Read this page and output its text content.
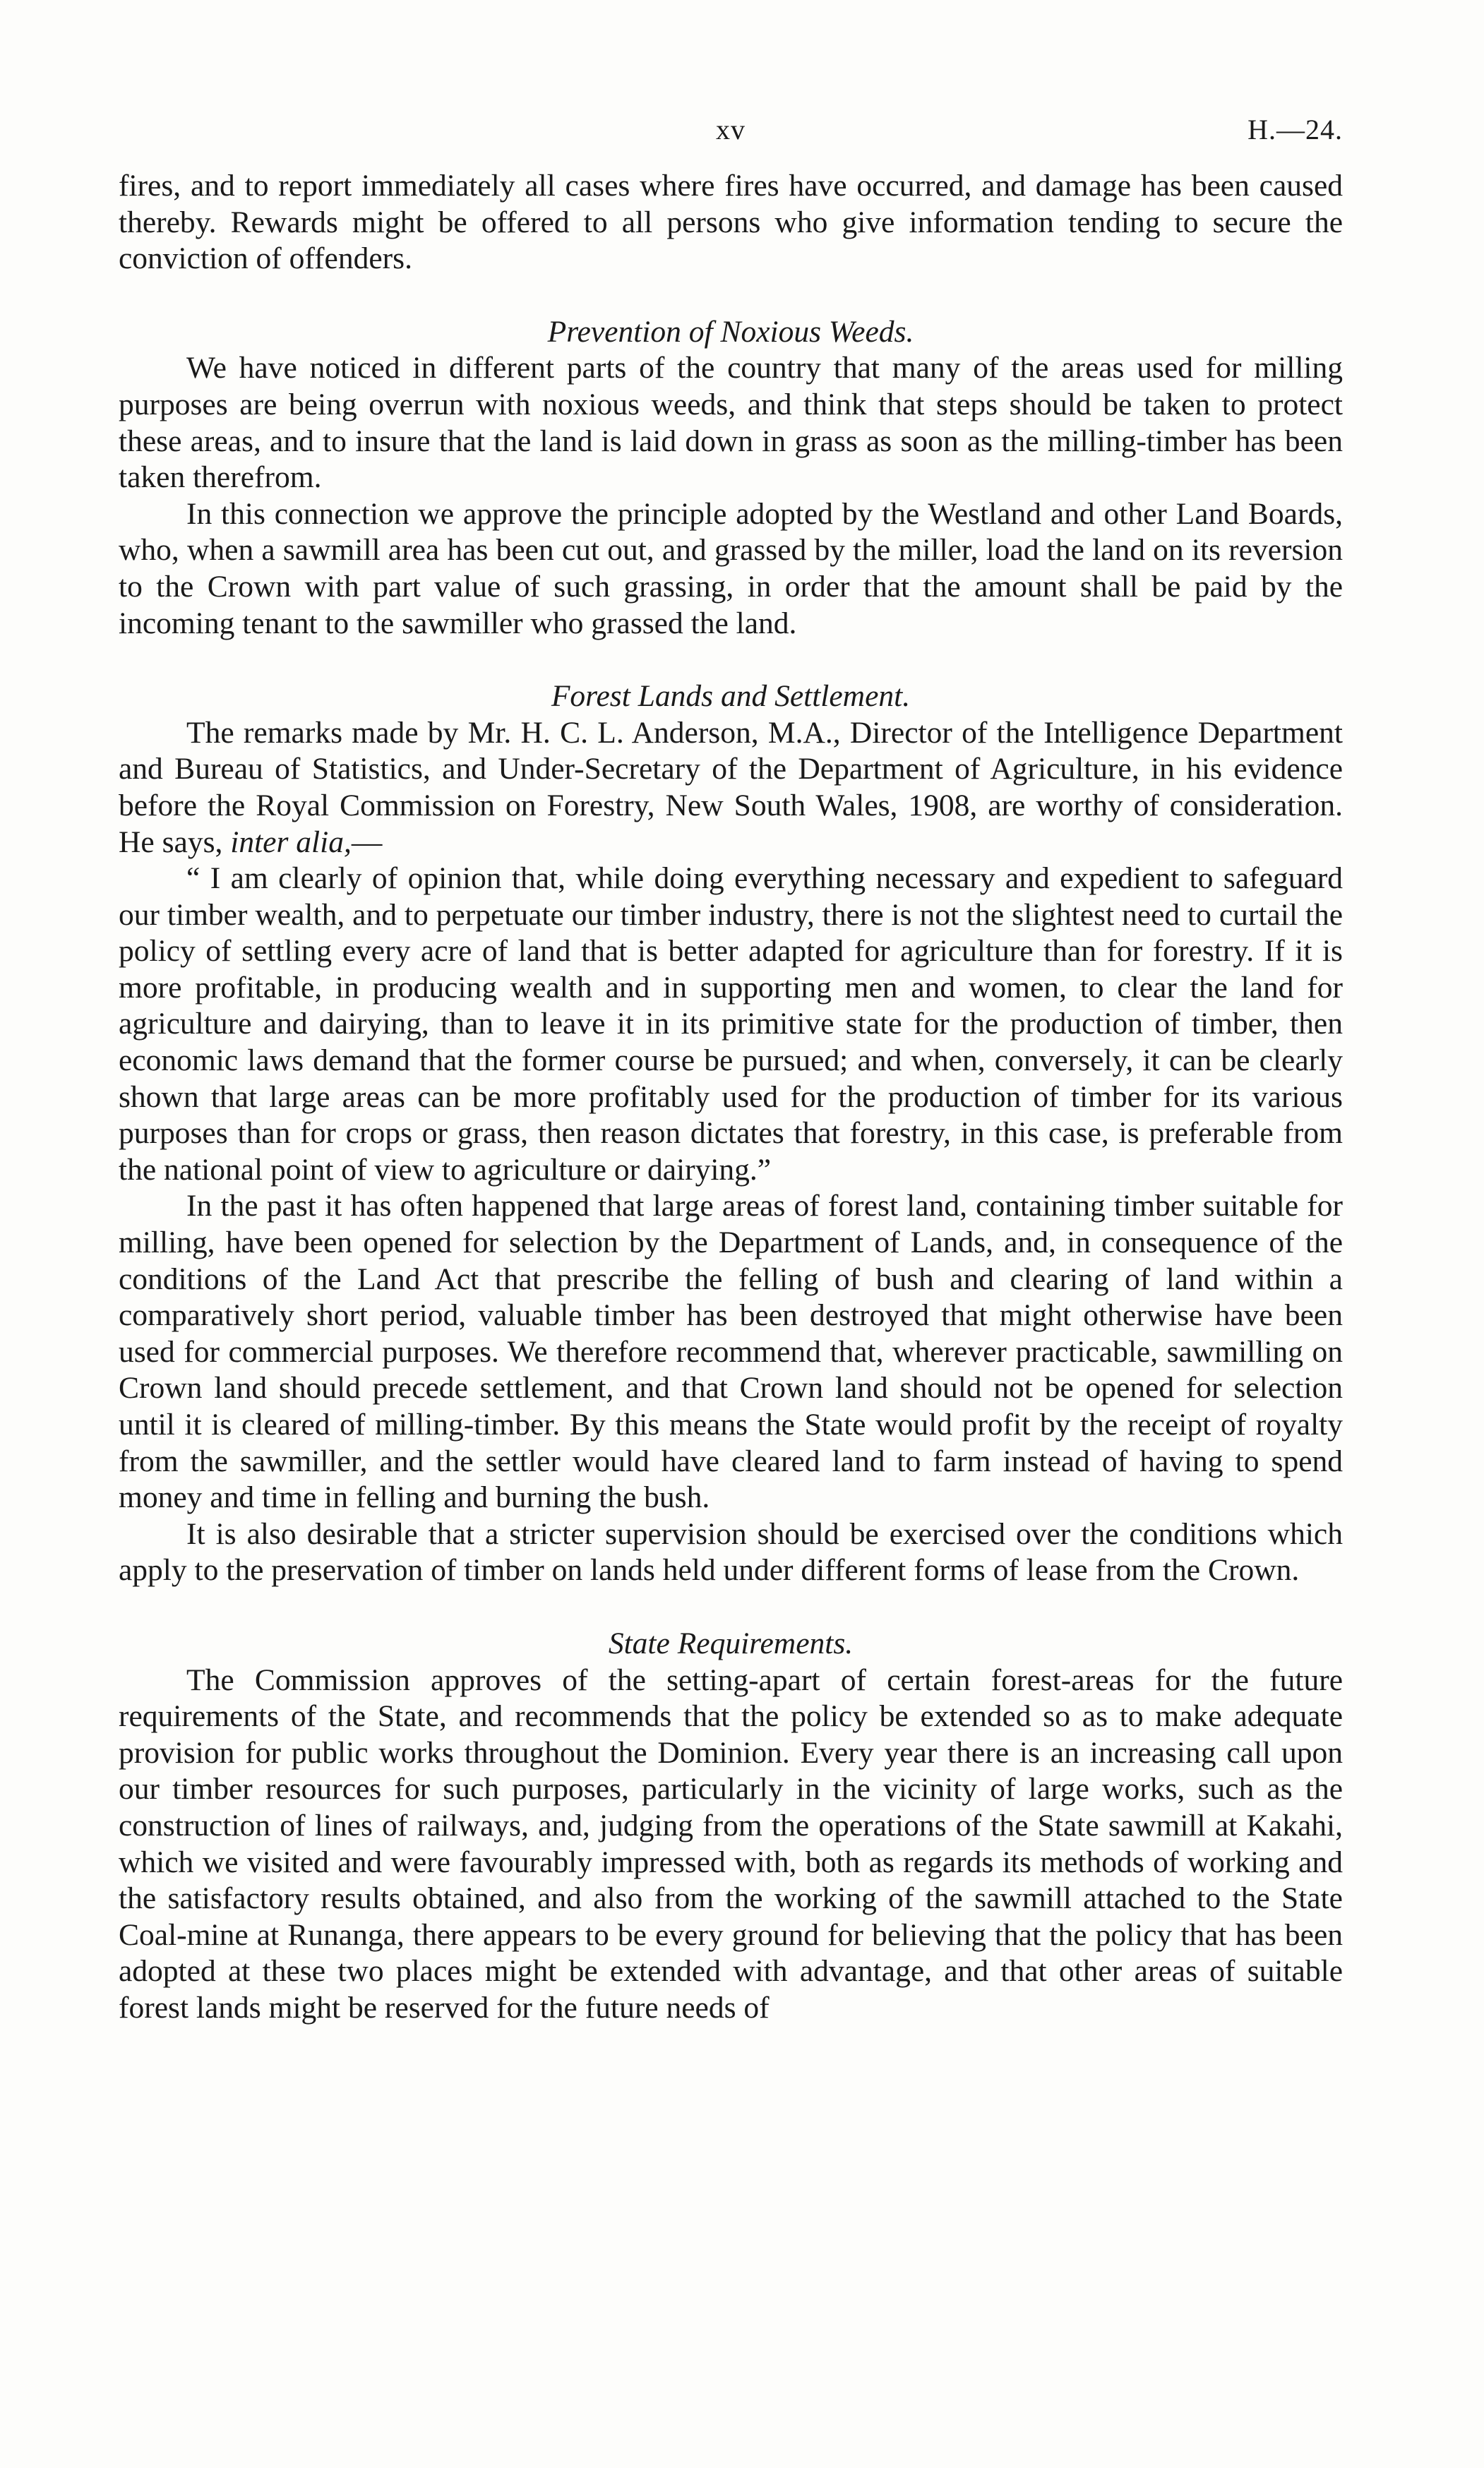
xv	H.—24.

fires, and to report immediately all cases where fires have occurred, and damage has been caused thereby. Rewards might be offered to all persons who give information tending to secure the conviction of offenders.

Prevention of Noxious Weeds.

We have noticed in different parts of the country that many of the areas used for milling purposes are being overrun with noxious weeds, and think that steps should be taken to protect these areas, and to insure that the land is laid down in grass as soon as the milling-timber has been taken therefrom.

In this connection we approve the principle adopted by the Westland and other Land Boards, who, when a sawmill area has been cut out, and grassed by the miller, load the land on its reversion to the Crown with part value of such grassing, in order that the amount shall be paid by the incoming tenant to the sawmiller who grassed the land.

Forest Lands and Settlement.

The remarks made by Mr. H. C. L. Anderson, M.A., Director of the Intelligence Department and Bureau of Statistics, and Under-Secretary of the Department of Agriculture, in his evidence before the Royal Commission on Forestry, New South Wales, 1908, are worthy of consideration. He says, inter alia,—

“ I am clearly of opinion that, while doing everything necessary and expedient to safeguard our timber wealth, and to perpetuate our timber industry, there is not the slightest need to curtail the policy of settling every acre of land that is better adapted for agriculture than for forestry. If it is more profitable, in producing wealth and in supporting men and women, to clear the land for agriculture and dairying, than to leave it in its primitive state for the production of timber, then economic laws demand that the former course be pursued; and when, conversely, it can be clearly shown that large areas can be more profitably used for the production of timber for its various purposes than for crops or grass, then reason dictates that forestry, in this case, is preferable from the national point of view to agriculture or dairying.”

In the past it has often happened that large areas of forest land, containing timber suitable for milling, have been opened for selection by the Department of Lands, and, in consequence of the conditions of the Land Act that prescribe the felling of bush and clearing of land within a comparatively short period, valuable timber has been destroyed that might otherwise have been used for commercial purposes. We therefore recommend that, wherever practicable, sawmilling on Crown land should precede settlement, and that Crown land should not be opened for selection until it is cleared of milling-timber. By this means the State would profit by the receipt of royalty from the sawmiller, and the settler would have cleared land to farm instead of having to spend money and time in felling and burning the bush.

It is also desirable that a stricter supervision should be exercised over the conditions which apply to the preservation of timber on lands held under different forms of lease from the Crown.

State Requirements.

The Commission approves of the setting-apart of certain forest-areas for the future requirements of the State, and recommends that the policy be extended so as to make adequate provision for public works throughout the Dominion. Every year there is an increasing call upon our timber resources for such purposes, particularly in the vicinity of large works, such as the construction of lines of railways, and, judging from the operations of the State sawmill at Kakahi, which we visited and were favourably impressed with, both as regards its methods of working and the satisfactory results obtained, and also from the working of the sawmill attached to the State Coal-mine at Runanga, there appears to be every ground for believing that the policy that has been adopted at these two places might be extended with advantage, and that other areas of suitable forest lands might be reserved for the future needs of
